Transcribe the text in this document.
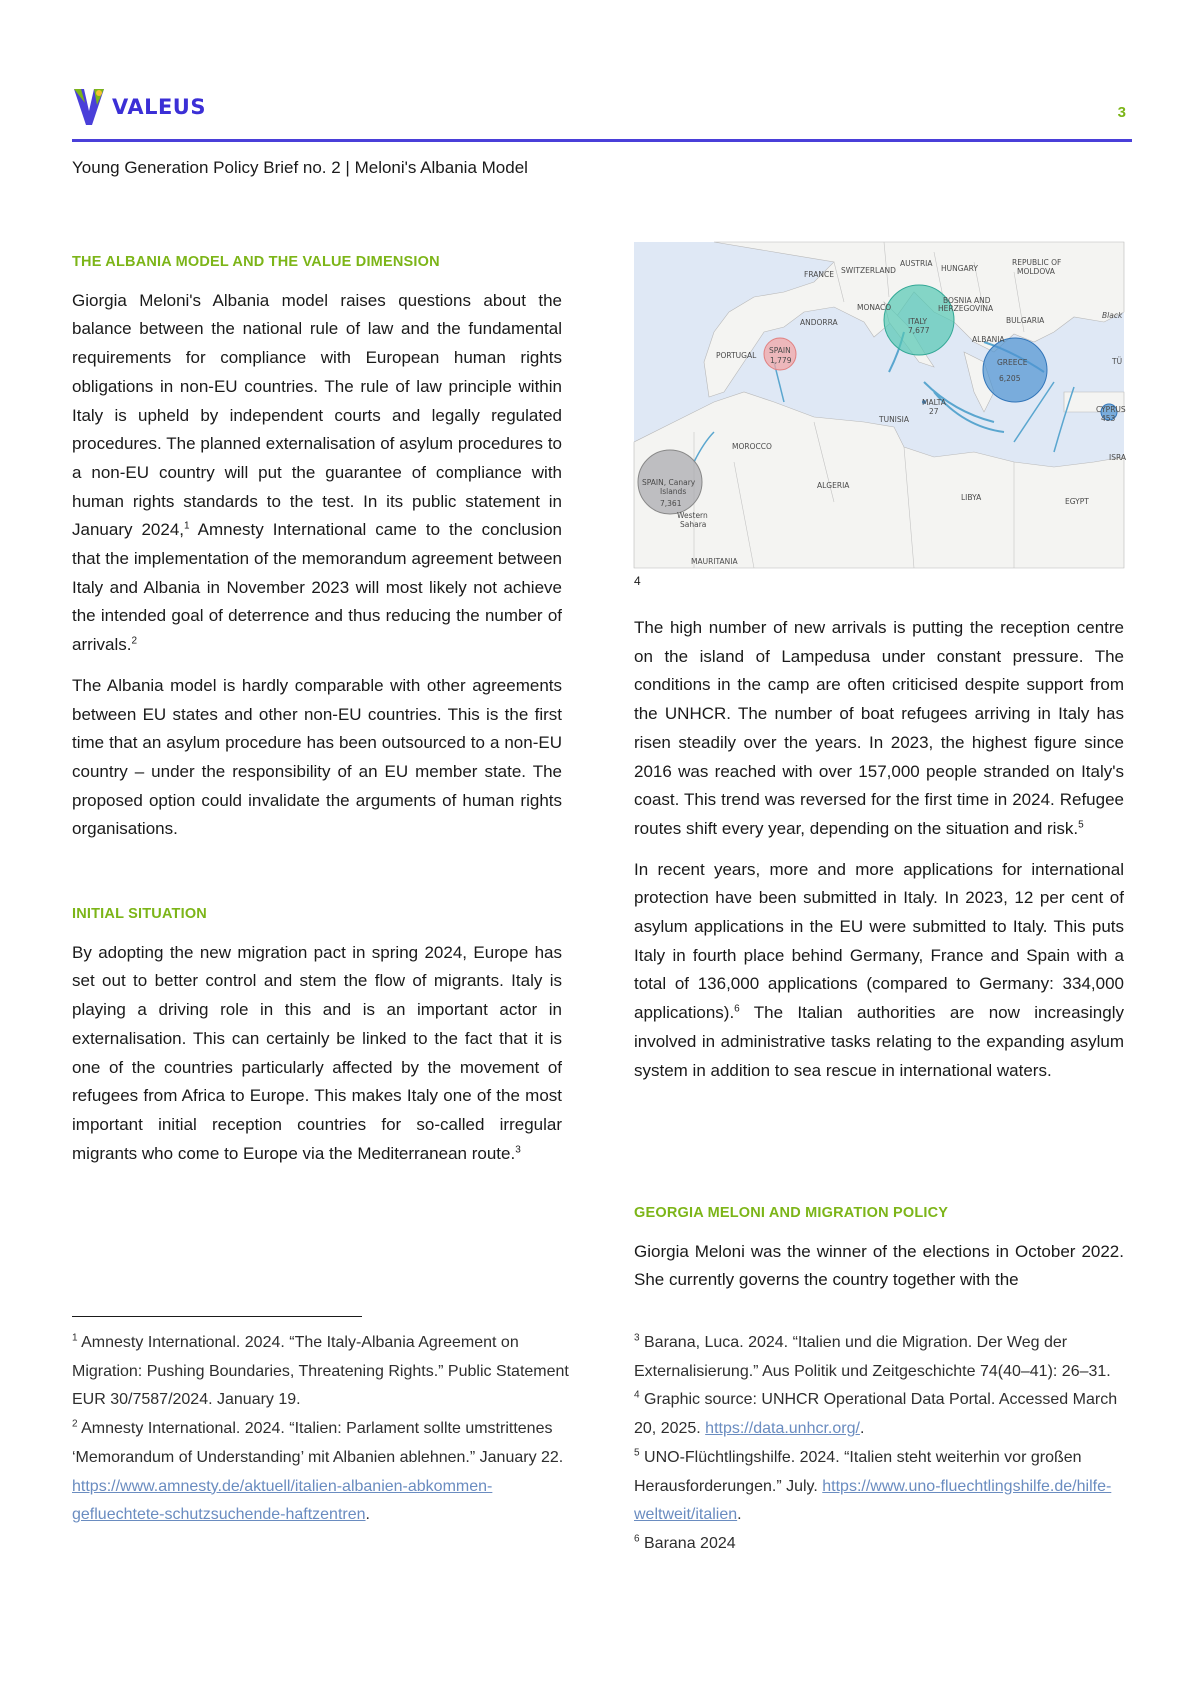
VALEUS	3
Young Generation Policy Brief no. 2 | Meloni's Albania Model
THE ALBANIA MODEL AND THE VALUE DIMENSION

Giorgia Meloni's Albania model raises questions about the balance between the national rule of law and the fundamental requirements for compliance with European human rights obligations in non-EU countries. The rule of law principle within Italy is upheld by independent courts and legally regulated procedures. The planned externalisation of asylum procedures to a non-EU country will put the guarantee of compliance with human rights standards to the test. In its public statement in January 2024,$^1$ Amnesty International came to the conclusion that the implementation of the memorandum agreement between Italy and Albania in November 2023 will most likely not achieve the intended goal of deterrence and thus reducing the number of arrivals.$^2$

The Albania model is hardly comparable with other agreements between EU states and other non-EU countries. This is the first time that an asylum procedure has been outsourced to a non-EU country – under the responsibility of an EU member state. The proposed option could invalidate the arguments of human rights organisations.

INITIAL SITUATION

By adopting the new migration pact in spring 2024, Europe has set out to better control and stem the flow of migrants. Italy is playing a driving role in this and is an important actor in externalisation. This can certainly be linked to the fact that it is one of the countries particularly affected by the movement of refugees from Africa to Europe. This makes Italy one of the most important initial reception countries for so-called irregular migrants who come to Europe via the Mediterranean route.$^3$

FRANCE SWITZERLAND
AUSTRIA
HUNGARY
REPUBLIC OF
MOLDOVA
MONACO
BOSNIA AND
HERZEGOVINA
ANDORRA	BULGARIA
Black
PORTUGAL
ALBANIA
TÜ
TUNISIA
MOROCCO
ALGERIA
LIBYA	EGYPT
ISRA
Western
Sahara
MAURITANIA
ITALY
7,677
GREECE
6,205
SPAIN
1,779
MALTA
27	CYPRUS
453
SPAIN, Canary
Islands
7,361
4

The high number of new arrivals is putting the reception centre on the island of Lampedusa under constant pressure. The conditions in the camp are often criticised despite support from the UNHCR. The number of boat refugees arriving in Italy has risen steadily over the years. In 2023, the highest figure since 2016 was reached with over 157,000 people stranded on Italy's coast. This trend was reversed for the first time in 2024. Refugee routes shift every year, depending on the situation and risk.$^5$

In recent years, more and more applications for international protection have been submitted in Italy. In 2023, 12 per cent of asylum applications in the EU were submitted to Italy. This puts Italy in fourth place behind Germany, France and Spain with a total of 136,000 applications (compared to Germany: 334,000 applications).$^6$ The Italian authorities are now increasingly involved in administrative tasks relating to the expanding asylum system in addition to sea rescue in international waters.

GEORGIA MELONI AND MIGRATION POLICY

Giorgia Meloni was the winner of the elections in October 2022. She currently governs the country together with the

$^1$ Amnesty International. 2024. “The Italy-Albania Agreement on Migration: Pushing Boundaries, Threatening Rights.” Public Statement EUR 30/7587/2024. January 19.

$^2$ Amnesty International. 2024. “Italien: Parlament sollte umstrittenes ‘Memorandum of Understanding’ mit Albanien ablehnen.” January 22. https://www.amnesty.de/aktuell/italien-albanien-abkommen-gefluechtete-schutzsuchende-haftzentren.

$^3$ Barana, Luca. 2024. “Italien und die Migration. Der Weg der Externalisierung.” Aus Politik und Zeitgeschichte 74(40–41): 26–31.

$^4$ Graphic source: UNHCR Operational Data Portal. Accessed March 20, 2025. https://data.unhcr.org/.

$^5$ UNO-Flüchtlingshilfe. 2024. “Italien steht weiterhin vor großen Herausforderungen.” July. https://www.uno-fluechtlingshilfe.de/hilfe-weltweit/italien.

$^6$ Barana 2024
